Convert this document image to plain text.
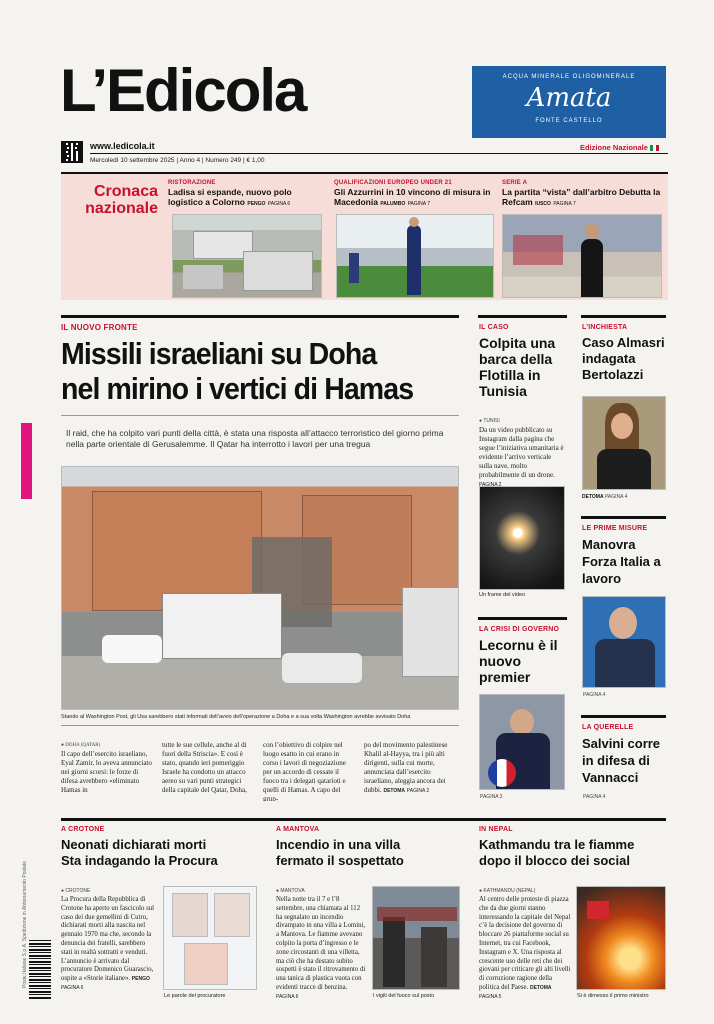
L’Edicola
www.ledicola.it
Mercoledì 10 settembre 2025 | Anno 4 | Numero 249 | € 1,00
ACQUA MINERALE OLIGOMINERALE
Amata
FONTE CASTELLO
Edizione Nazionale
Cronaca
nazionale
RISTORAZIONE
Ladisa si espande, nuovo polo logistico a Colorno PENGO PAGINA 6
QUALIFICAZIONI EUROPEO UNDER 21
Gli Azzurrini in 10 vincono di misura in Macedonia PALUMBO PAGINA 7
SERIE A
La partita “vista” dall’arbitro Debutta la Refcam IUSCO PAGINA 7
IL NUOVO FRONTE
Missili israeliani su Doha
nel mirino i vertici di Hamas
Il raid, che ha colpito vari punti della città, è stata una risposta all’attacco terroristico del giorno prima nella parte orientale di Gerusalemme. Il Qatar ha interrotto i lavori per una tregua
Stando al Washington Post, gli Usa sarebbero stati informati dell’avvio dell’operazione a Doha e a sua volta Washington avrebbe avvisato Doha
● DOHA (QATAR)
Il capo dell’esercito israeliano, Eyal Zamir, lo aveva annunciato nei giorni scorsi: le forze di difesa avrebbero «eliminato Hamas in
tutte le sue cellule, anche al di fuori della Striscia». E così è stato, quando ieri pomeriggio Israele ha condotto un attacco aereo su vari punti strategici della capitale del Qatar, Doha,
con l’obiettivo di colpire nel luogo esatto in cui erano in corso i lavori di negoziazione per un accordo di cessate il fuoco tra i delegati qatarioti e quelli di Hamas. A capo del grup-
po del movimento palestinese Khalil al-Hayya, tra i più alti dirigenti, sulla cui morte, annunciata dall’esercito israeliano, aleggia ancora dei dubbi. DETOMA PAGINA 2
IL CASO
Colpita una barca della Flotilla in Tunisia
● TUNISI
Da un video pubblicato su Instagram dalla pagina che segue l’iniziativa umanitaria è evidente l’arrivo verticale sulla nave, molto probabilmente di un drone. PAGINA 2
Un frame del video
LA CRISI DI GOVERNO
Lecornu è il nuovo premier
PAGINA 3
L’INCHIESTA
Caso Almasri indagata Bertolazzi
DETOMA PAGINA 4
LE PRIME MISURE
Manovra Forza Italia a lavoro
PAGINA 4
LA QUERELLE
Salvini corre in difesa di Vannacci
PAGINA 4
A CROTONE
Neonati dichiarati morti
Sta indagando la Procura
● CROTONE
La Procura della Repubblica di Crotone ha aperto un fascicolo sul caso dei due gemellini di Cutro, dichiarati morti alla nascita nel gennaio 1970 ma che, secondo la denuncia dei fratelli, sarebbero stati in realtà sottratti e venduti. L’annuncio è arrivato dal procuratore Domenico Guarascio, ospite a «Storie italiane». PENGO PAGINA 6
Le parole del procuratore
A MANTOVA
Incendio in una villa
fermato il sospettato
● MANTOVA
Nella notte tra il 7 e l’8 settembre, una chiamata al 112 ha segnalato un incendio divampato in una villa a Lomini, a Mantova. Le fiamme avevano colpito la porta d’ingresso e le zone circostanti di una villetta, ma ciò che ha destato subito sospetti è stato il ritrovamento di una tanica di plastica vuota con evidenti tracce di benzina. PAGINA 6	I vigili del fuoco sul posto
IN NEPAL
Kathmandu tra le fiamme
dopo il blocco dei social
● KATHMANDU (NEPAL)
Al centro delle proteste di piazza che da due giorni stanno interessando la capitale del Nepal c’è la decisione del governo di bloccare 26 piattaforme social su Internet, tra cui Facebook, Instagram e X. Una risposta al crescente uso delle reti che dei giovani per criticare gli alti livelli di corruzione ragione della politica del Paese. DETOMA PAGINA 5	Si è dimesso il primo ministro
Poste Italiane S.p.A. Spedizione in Abbonamento Postale
